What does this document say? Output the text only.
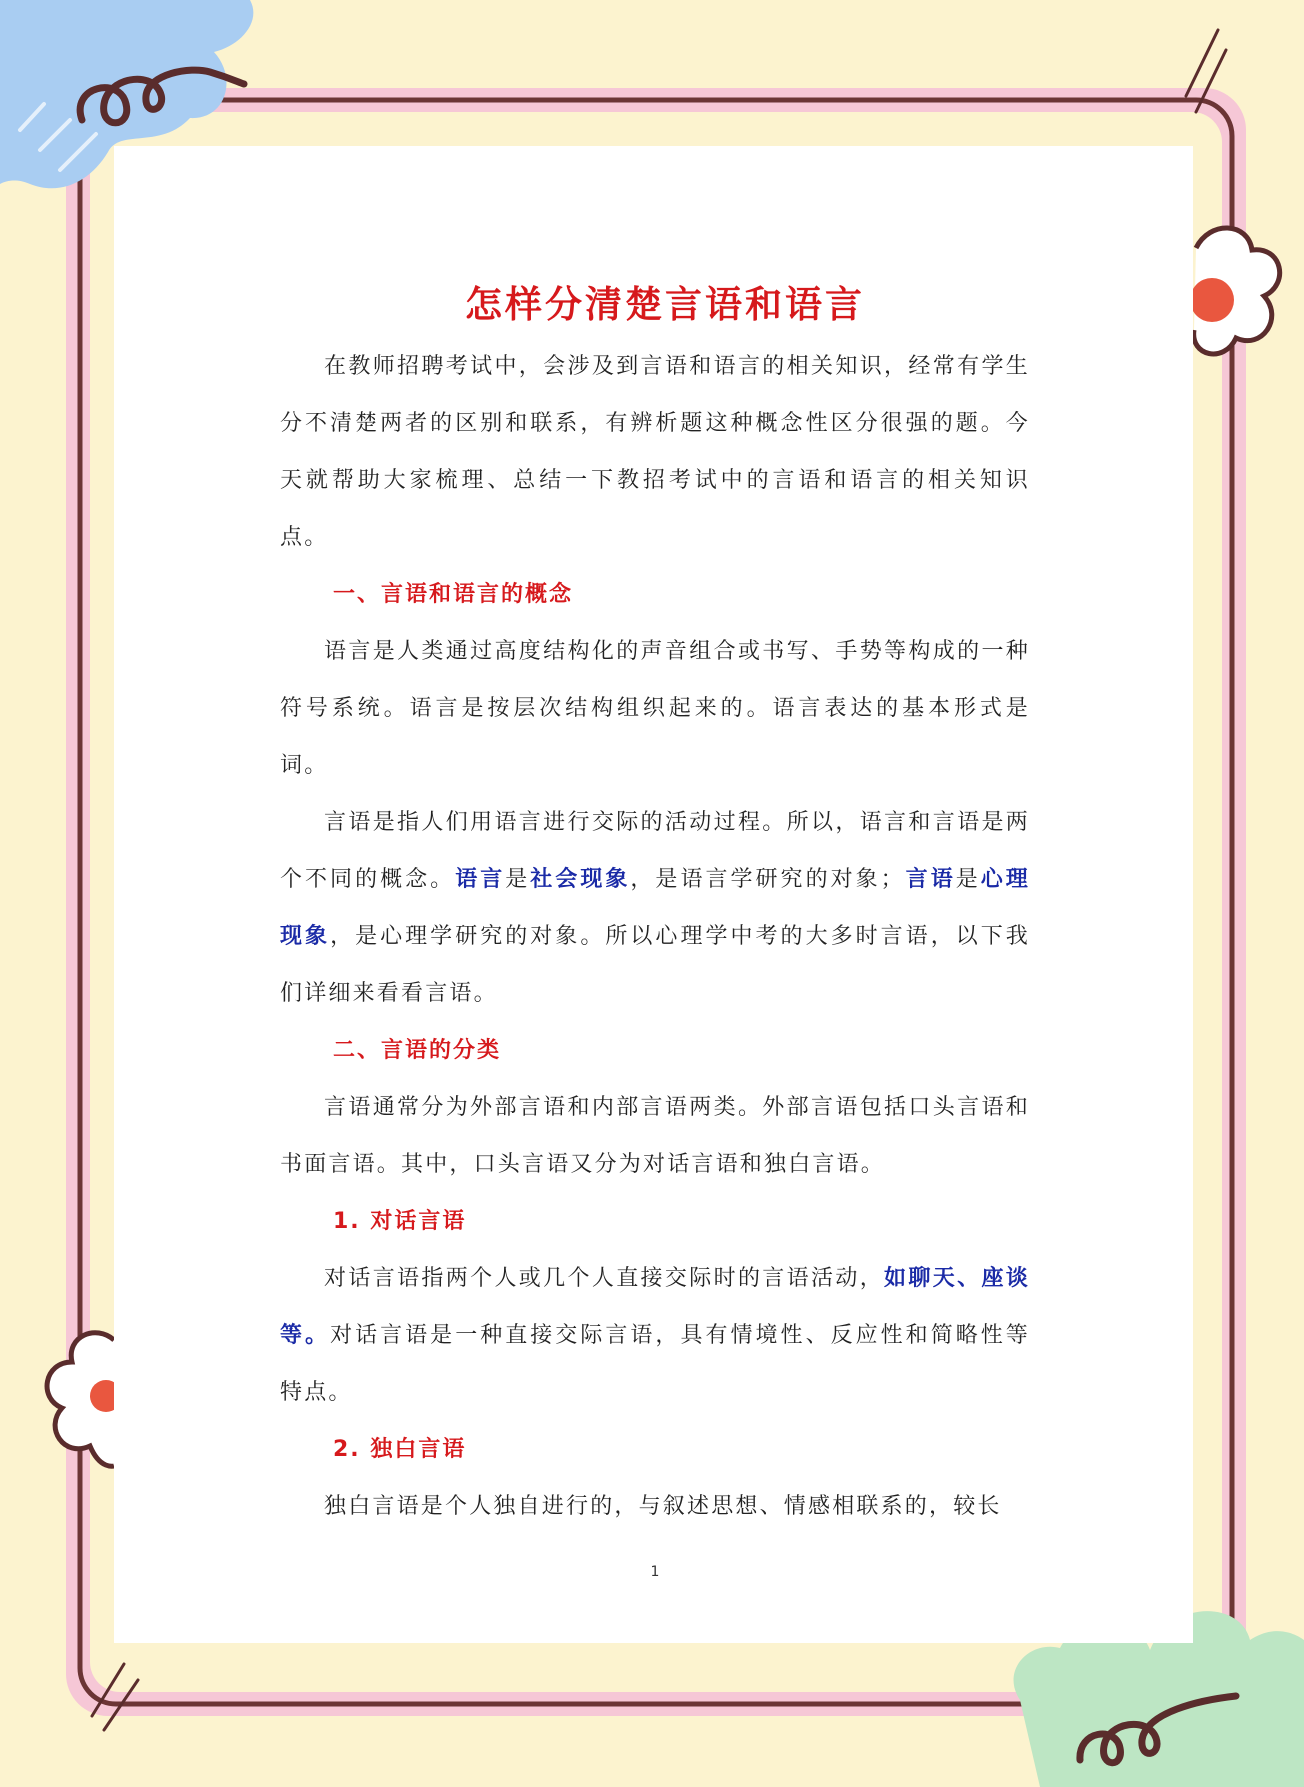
怎样分清楚言语和语言

在教师招聘考试中，会涉及到言语和语言的相关知识，经常有学生分不清楚两者的区别和联系，有辨析题这种概念性区分很强的题。今天就帮助大家梳理、总结一下教招考试中的言语和语言的相关知识点。

一、言语和语言的概念

语言是人类通过高度结构化的声音组合或书写、手势等构成的一种符号系统。语言是按层次结构组织起来的。语言表达的基本形式是词。

言语是指人们用语言进行交际的活动过程。所以，语言和言语是两个不同的概念。语言是社会现象，是语言学研究的对象；言语是心理现象，是心理学研究的对象。所以心理学中考的大多时言语，以下我们详细来看看言语。

二、言语的分类

言语通常分为外部言语和内部言语两类。外部言语包括口头言语和书面言语。其中，口头言语又分为对话言语和独白言语。

1. 对话言语

对话言语指两个人或几个人直接交际时的言语活动，如聊天、座谈等。对话言语是一种直接交际言语，具有情境性、反应性和简略性等特点。

2. 独白言语

独白言语是个人独自进行的，与叙述思想、情感相联系的，较长

1
